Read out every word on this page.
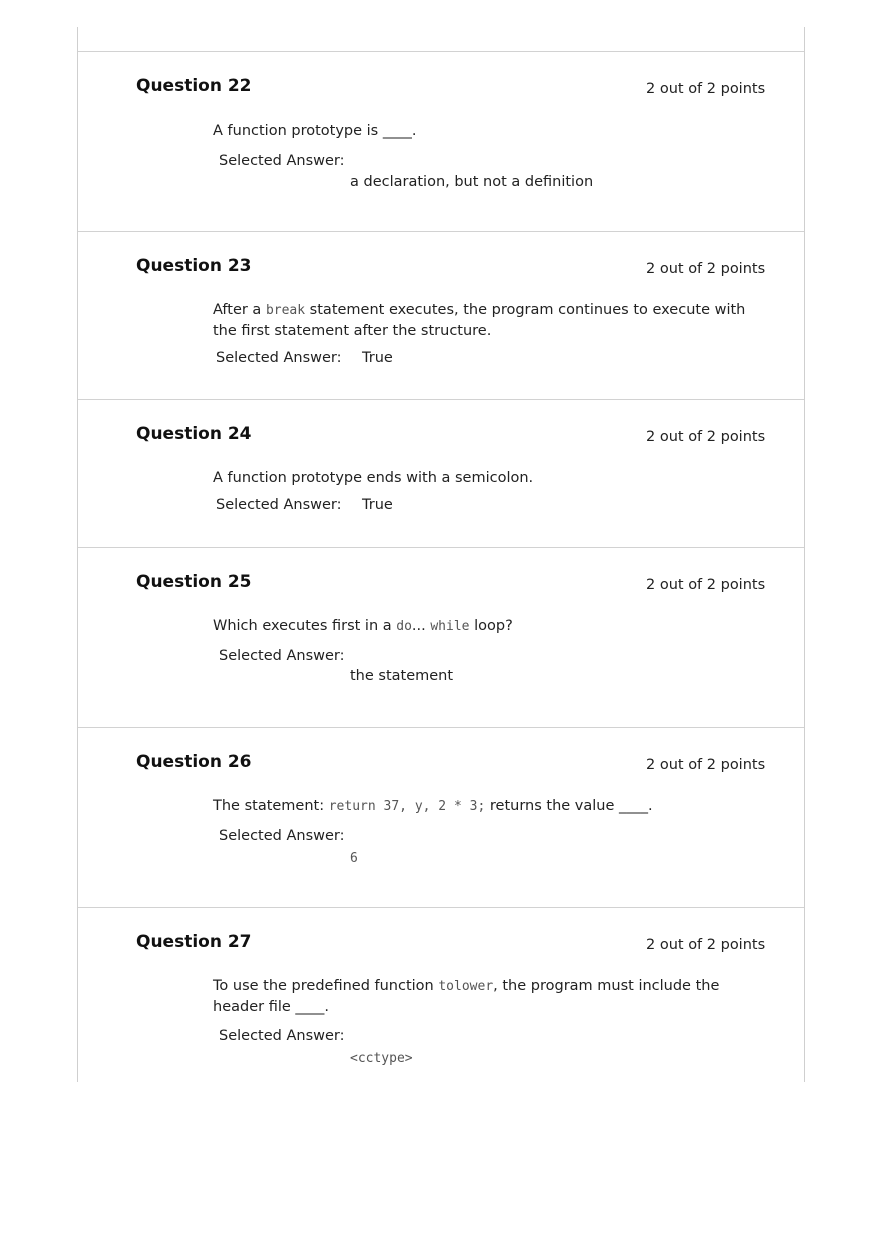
Question 22	2 out of 2 points
A function prototype is ____.
Selected Answer:
a declaration, but not a definition
Question 23	2 out of 2 points
After a break statement executes, the program continues to execute with the first statement after the structure.
Selected Answer: True
Question 24	2 out of 2 points
A function prototype ends with a semicolon.
Selected Answer: True
Question 25	2 out of 2 points
Which executes first in a do... while loop?
Selected Answer:
the statement
Question 26	2 out of 2 points
The statement: return 37, y, 2 * 3; returns the value ____.
Selected Answer:
6
Question 27	2 out of 2 points
To use the predefined function tolower, the program must include the header file ____.
Selected Answer:
<cctype>
